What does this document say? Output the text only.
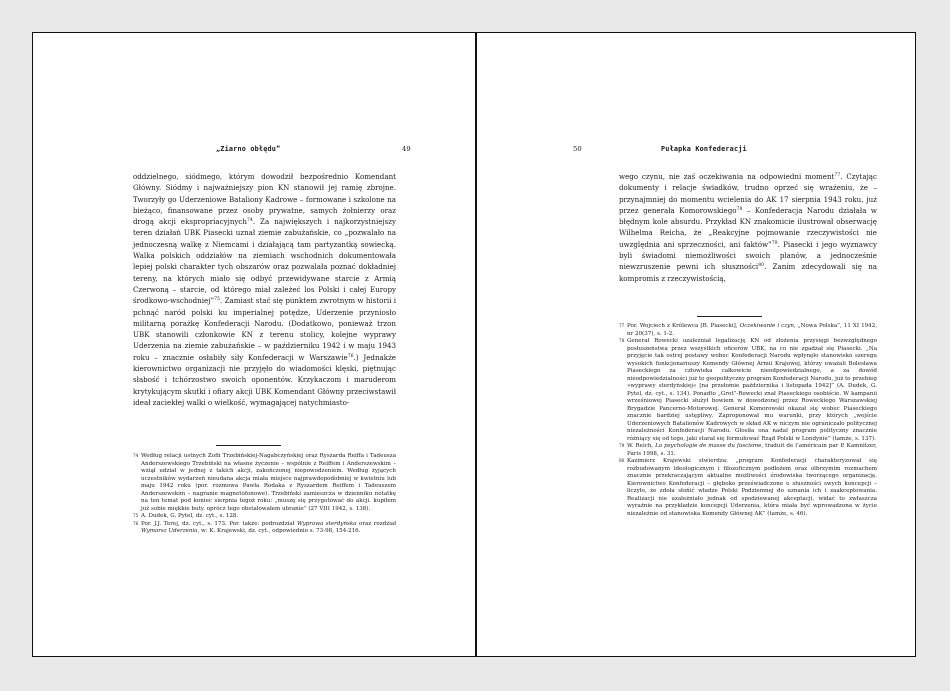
„Ziarno obłędu”	49

oddzielnego, siódmego, którym dowodził bezpośrednio Komendant Główny. Siódmy i najważniejszy pion KN stanowił jej ramię zbrojne. Tworzyły go Uderzeniowe Bataliony Kadrowe – formowane i szkolone na bieżąco, finansowane przez osoby prywatne, samych żołnierzy oraz drogą akcji ekspropriacyjnych$^{74}$. Za największych i najkorzystniejszy teren działań UBK Piasecki uznał ziemie zabużańskie, co „pozwalało na jednoczesną walkę z Niemcami i działającą tam partyzantką sowiecką. Walka polskich oddziałów na ziemiach wschodnich dokumentowała lepiej polski charakter tych obszarów oraz pozwalała poznać dokładniej tereny, na których miało się odbyć przewidywane starcie z Armią Czerwoną – starcie, od którego miał zależeć los Polski i całej Europy środkowo-wschodniej”$^{75}$. Zamiast stać się punktem zwrotnym w historii i pchnąć naród polski ku imperialnej potędze, Uderzenie przyniosło militarną porażkę Konfederacji Narodu. (Dodatkowo, ponieważ trzon UBK stanowili członkowie KN z terenu stolicy, kolejne wyprawy Uderzenia na ziemie zabużańskie – w październiku 1942 i w maju 1943 roku – znacznie osłabiły siły Konfederacji w Warszawie$^{76}$.) Jednakże kierownictwo organizacji nie przyjęło do wiadomości klęski, piętnując słabość i tchórzostwo swoich oponentów. Krzykaczom i maruderom krytykującym skutki i ofiary akcji UBK Komendant Główny przeciwstawił ideał zaciekłej walki o wielkość, wymagającej natychmiasto-

74 Według relacji ustnych Zofii Trzebińskiej-Nagabczyńskiej oraz Ryszarda Reiffa i Tadeusza Anderszewskiego Trzebiński na własne życzenie – wspólnie z Reiffem i Anderszewskim – wziął udział w jednej z takich akcji, zakończonej niepowodzeniem. Według żyjących uczestników wydarzeń nieudana akcja miała miejsce najprawdopodobniej w kwietniu lub maju 1942 roku (por. rozmowa Pawła Rodaka z Ryszardem Reiffem i Tadeuszem Anderszewskim – nagranie magnetofonowe). Trzebiński zamieszcza w dzienniku notatkę na ten temat pod koniec sierpnia tegoż roku: „muszę się przygotować do akcji. kupiłem już sobie miękkie buty. oprócz tego obstalowałem ubranie” (27 VIII 1942, s. 138).
75 A. Dudek, G. Pytel, dz. cyt., s. 128.
76 Por. J.J. Terej, dz. cyt., s. 173. Por. także: podrozdział Wyprawa sterdyńska oraz rozdział Wymarsz Uderzenia, w: K. Krajewski, dz. cyt., odpowiednio s. 73-98, 154-216.
50	Pułapka Konfederacji

wego czynu, nie zaś oczekiwania na odpowiedni moment$^{77}$. Czytając dokumenty i relacje świadków, trudno oprzeć się wrażeniu, że – przynajmniej do momentu wcielenia do AK 17 sierpnia 1943 roku, już przez generała Komorowskiego$^{78}$ – Konfederacja Narodu działała w błędnym kole absurdu. Przykład KN znakomicie ilustrował obserwację Wilhelma Reicha, że „Reakcyjne pojmowanie rzeczywistości nie uwzględnia ani sprzeczności, ani faktów”$^{79}$. Piasecki i jego wyznawcy byli świadomi niemożliwości swoich planów, a jednocześnie niewzruszenie pewni ich słuszności$^{80}$. Zanim zdecydowali się na kompromis z rzeczywistością,

77 Por. Wojciech z Królewca [B. Piasecki], Oczekiwanie i czyn, „Nowa Polska”, 11 XI 1942, nr 20(37), s. 1-2.
78 Generał Rowecki uzależniał legalizację KN od złożenia przysięgi bezwzględnego posłuszeństwa przez wszystkich oficerów UBK, na co nie zgadzał się Piasecki. „Na przyjęcie tak ostrej postawy wobec Konfederacji Narodu wpłynęło stanowisko szeregu wysokich funkcjonariuszy Komendy Głównej Armii Krajowej, którzy uważali Bolesława Piaseckiego za człowieka całkowicie nieodpowiedzialnego, a za dowód nieodpowiedzialności już to geopolityczny program Konfederacji Narodu, już to przebieg »wyprawy sterdyńskiej« [na przełomie października i listopada 1942]” (A. Dudek, G. Pytel, dz. cyt., s. 134). Ponadto „Grot”-Rowecki znał Piaseckiego osobiście. W kampanii wrześniowej Piasecki służył bowiem w dowodzonej przez Roweckiego Warszawskiej Brygadzie Pancerno-Motorowej. Generał Komorowski okazał się wobec Piaseckiego znacznie bardziej ustępliwy. Zaproponował mu warunki, przy których „wejście Uderzeniowych Batalionów Kadrowych w skład AK w niczym nie ograniczało politycznej niezależności Konfederacji Narodu. Głosiła ona nadal program polityczny znacznie różniący się od tego, jaki starał się formułować Rząd Polski w Londynie” (tamże, s. 137).
79 W. Reich, La psychologie de masse du fascisme, traduit de l’américain par P. Kamnitzer, Paris 1998, s. 31.
80 Kazimierz Krajewski stwierdza: „program Konfederacji charakteryzował się rozbudowanym ideologicznym i filozoficznym podłożem oraz olbrzymim rozmachem znacznie przekraczającym aktualne możliwości środowiska tworzącego organizację. Kierownictwo Konfederacji – głęboko przeświadczone o słuszności swych koncepcji – liczyło, że zdoła słońić władze Polski Podziemnej do uznania ich i zaakceptowania. Realizacji nie uzależniało jednak od spodziewanej akceptacji, widać to zwłaszcza wyraźnie na przykładzie koncepcji Uderzenia, która miała być wprowadzona w życie niezależnie od stanowiska Komendy Głównej AK” (tamże, s. 46).
